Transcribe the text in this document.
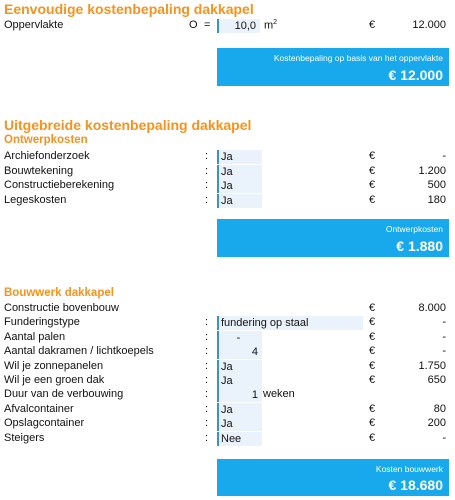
Eenvoudige kostenbepaling dakkapel
Oppervlakte	O =	10,0 $m^2$	€	12.000
Kostenbepaling op basis van het oppervlakte
€ 12.000
Uitgebreide kostenbepaling dakkapel
Ontwerpkosten
Archiefonderzoek	:	Ja	€	-
Bouwtekening	:	Ja	€	1.200
Constructieberekening	:	Ja	€	500
Legeskosten	:	Ja	€	180
Ontwerpkosten
€ 1.880
Bouwwerk dakkapel
Constructie bovenbouw	€	8.000
Funderingstype	:	fundering op staal	€	-
Aantal palen	:	-	€	-
Aantal dakramen / lichtkoepels	:	4	€	-
Wil je zonnepanelen	:	Ja	€	1.750
Wil je een groen dak	:	Ja	€	650
Duur van de verbouwing	:	1 weken
Afvalcontainer	:	Ja	€	80
Opslagcontainer	:	Ja	€	200
Steigers	:	Nee	€	-
Kosten bouwwerk
€ 18.680
